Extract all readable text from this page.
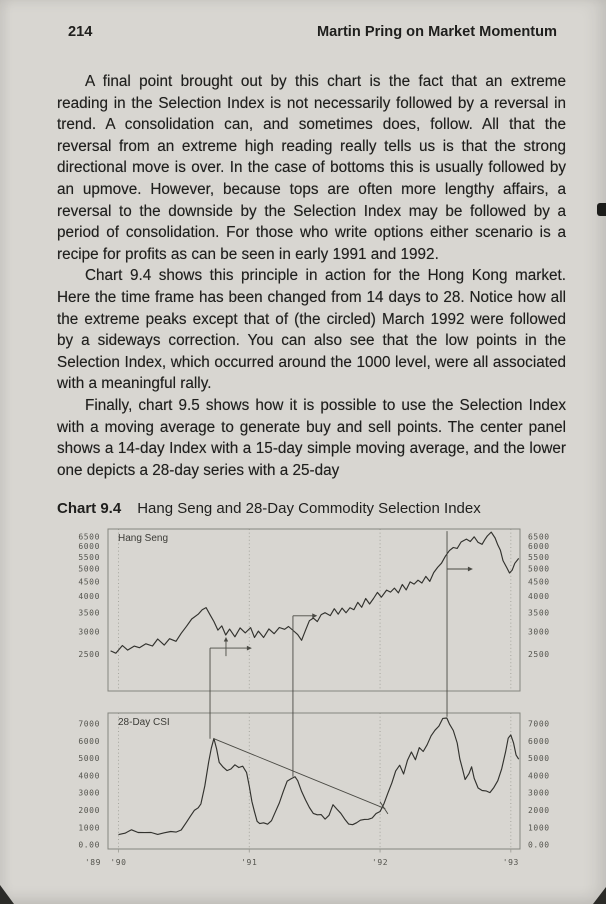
214	Martin Pring on Market Momentum

A final point brought out by this chart is the fact that an extreme reading in the Selection Index is not necessarily followed by a reversal in trend. A consolidation can, and sometimes does, follow. All that the reversal from an extreme high reading really tells us is that the strong directional move is over. In the case of bottoms this is usually followed by an upmove. However, because tops are often more lengthy affairs, a reversal to the downside by the Selection Index may be followed by a period of consolidation. For those who write options either scenario is a recipe for profits as can be seen in early 1991 and 1992.

Chart 9.4 shows this principle in action for the Hong Kong market. Here the time frame has been changed from 14 days to 28. Notice how all the extreme peaks except that of (the circled) March 1992 were followed by a sideways correction. You can also see that the low points in the Selection Index, which occurred around the 1000 level, were all associated with a meaningful rally.

Finally, chart 9.5 shows how it is possible to use the Selection Index with a moving average to generate buy and sell points. The center panel shows a 14-day Index with a 15-day simple moving average, and the lower one depicts a 28-day series with a 25-day

Chart 9.4 Hang Seng and 28-Day Commodity Selection Index
6500	6500
6000	6000
5500	5500
5000	5000
4500	4500
4000	4000
3500	3500
3000	3000
2500	2500
Hang Seng
7000	7000
6000	6000
5000	5000
4000	4000
3000	3000
2000	2000
1000	1000
0.00	0.00
28-Day CSI
'89 '90	'91	'92	'93
